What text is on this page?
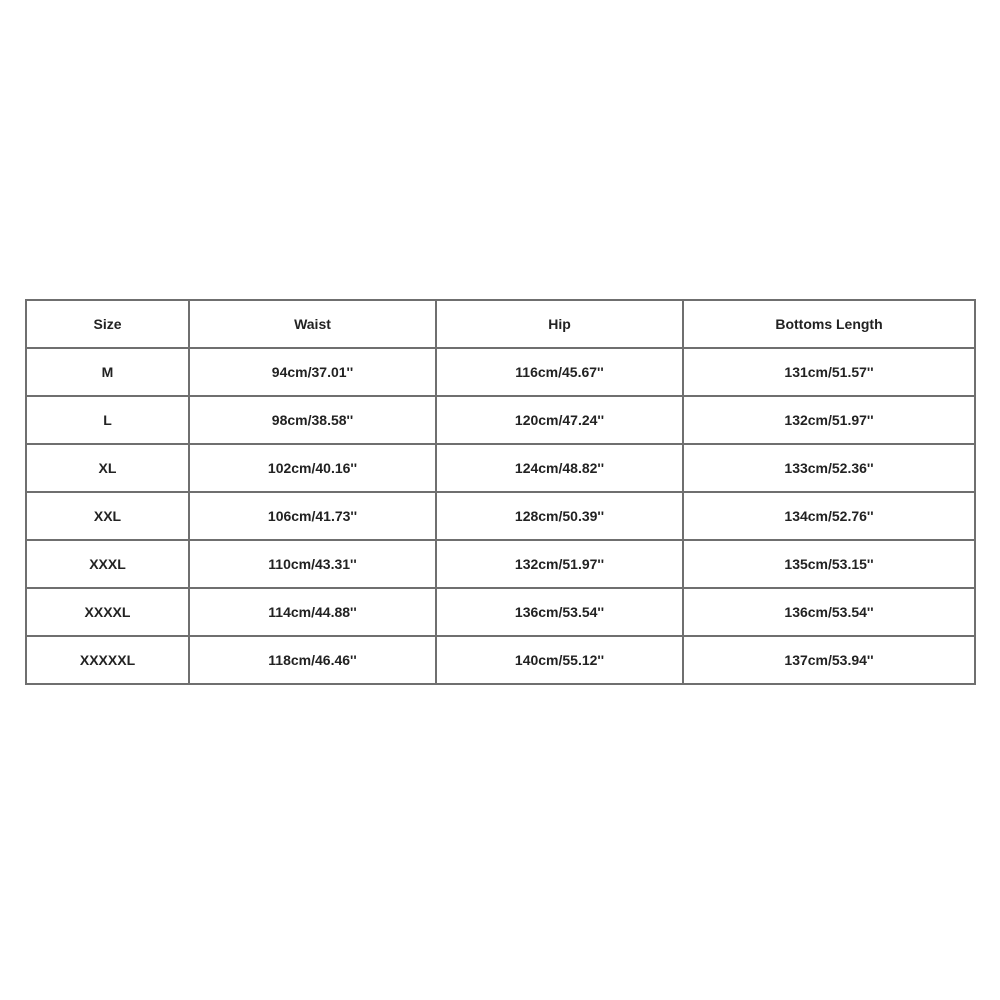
Size	Waist	Hip	Bottoms Length
M	94cm/37.01''	116cm/45.67''	131cm/51.57''
L	98cm/38.58''	120cm/47.24''	132cm/51.97''
XL	102cm/40.16''	124cm/48.82''	133cm/52.36''
XXL	106cm/41.73''	128cm/50.39''	134cm/52.76''
XXXL	110cm/43.31''	132cm/51.97''	135cm/53.15''
XXXXL	114cm/44.88''	136cm/53.54''	136cm/53.54''
XXXXXL	118cm/46.46''	140cm/55.12''	137cm/53.94''
